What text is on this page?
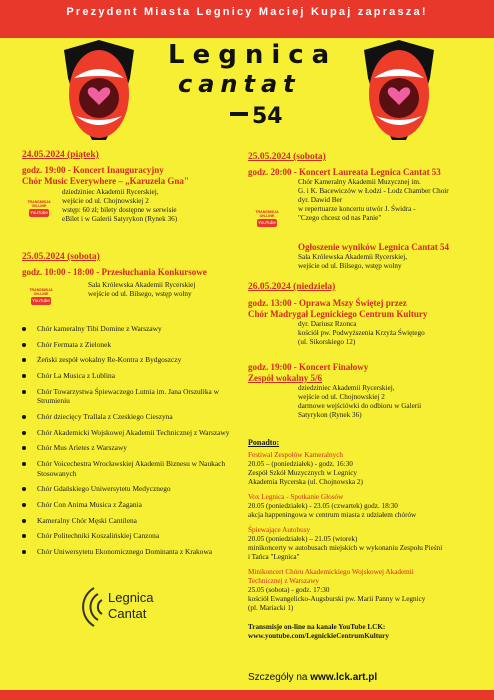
Prezydent Miasta Legnicy Maciej Kupaj zaprasza!
Legnica
cantat
54
24.05.2024 (piątek)
godz. 19:00 - Koncert Inauguracyjny
Chór Music Everywhere – „Karuzela Gna"
dziedziniec Akademii Rycerskiej,
wejście od ul. Chojnowskiej 2
wstęp: 60 zł; bilety dostępne w serwisie
eBilet i w Galerii Satyrykon (Rynek 36)
TRANSMISJA
ON-LINE
YouTube
25.05.2024 (sobota)
godz. 10:00 - 18:00 - Przesłuchania Konkursowe
Sala Królewska Akademii Rycerskiej
wejście od ul. Bilsego, wstęp wolny
TRANSMISJA
ON-LINE
YouTube
Chór kameralny Tibi Domine z Warszawy
Chór Fermata z Zielonek
Żeński zespół wokalny Re-Kontra z Bydgoszczy
Chór La Musica z Lublina
Chór Towarzystwa Śpiewaczego Lutnia im. Jana Orszulika w Strumieniu
Chór dziecięcy Trallala z Czeskiego Cieszyna
Chór Akademicki Wojskowej Akademii Technicznej z Warszawy
Chór Mus Arietes z Warszawy
Chór Voicechestra Wrocławskiej Akademii Biznesu w Naukach Stosowanych
Chór Gdańskiego Uniwersytetu Medycznego
Chór Con Anima Musica z Żagania
Kameralny Chór Męski Cantilena
Chór Politechniki Koszalińskiej Canzona
Chór Uniwersytetu Ekonomicznego Dominanta z Krakowa
Legnica
Cantat
25.05.2024 (sobota)
godz. 20:00 - Koncert Laureata Legnica Cantat 53
Chór Kameralny Akademii Muzycznej im.
G. i K. Bacewiczów w Łodzi - Lodz Chamber Choir
dyr. Dawid Ber
w repertuarze koncertu utwór J. Świdra -
"Czego chcesz od nas Panie"
TRANSMISJA
ON-LINE
YouTube
Ogłoszenie wyników Legnica Cantat 54
Sala Królewska Akademii Rycerskiej,
wejście od ul. Bilsego, wstęp wolny
26.05.2024 (niedziela)
godz. 13:00 - Oprawa Mszy Świętej przez
Chór Madrygał Legnickiego Centrum Kultury
dyr. Dariusz Rzonca
kościół pw. Podwyższenia Krzyża Świętego
(ul. Sikorskiego 12)
godz. 19:00 - Koncert Finałowy
Zespół wokalny 5/6
dziedziniec Akademii Rycerskiej,
wejście od ul. Chojnowskiej 2
darmowe wejściówki do odbioru w Galerii
Satyrykon (Rynek 36)
Ponadto:
Festiwal Zespołów Kameralnych
20.05 – (poniedziałek) - godz. 16:30
Zespół Szkół Muzycznych w Legnicy
Akademia Rycerska (ul. Chojnowska 2)
Vox Legnica - Spotkanie Głosów
20.05 (poniedziałek) - 23.05 (czwartek) godz. 18:30
akcja happeningowa w centrum miasta z udziałem chórów
Śpiewające Autobusy
20.05 (poniedziałek) – 21.05 (wtorek)
minikoncerty w autobusach miejskich w wykonaniu Zespołu Pieśni
i Tańca "Legnica"
Minikoncert Chóru Akademickiego Wojskowej Akademii
Technicznej z Warszawy
25.05 (sobota) - godz. 17:30
kościół Ewangelicko-Augsburski pw. Marii Panny w Legnicy
(pl. Mariacki 1)
Transmisje on-line na kanale YouTube LCK:
www.youtube.com/LegnickieCentrumKultury
Szczegóły na www.lck.art.pl
